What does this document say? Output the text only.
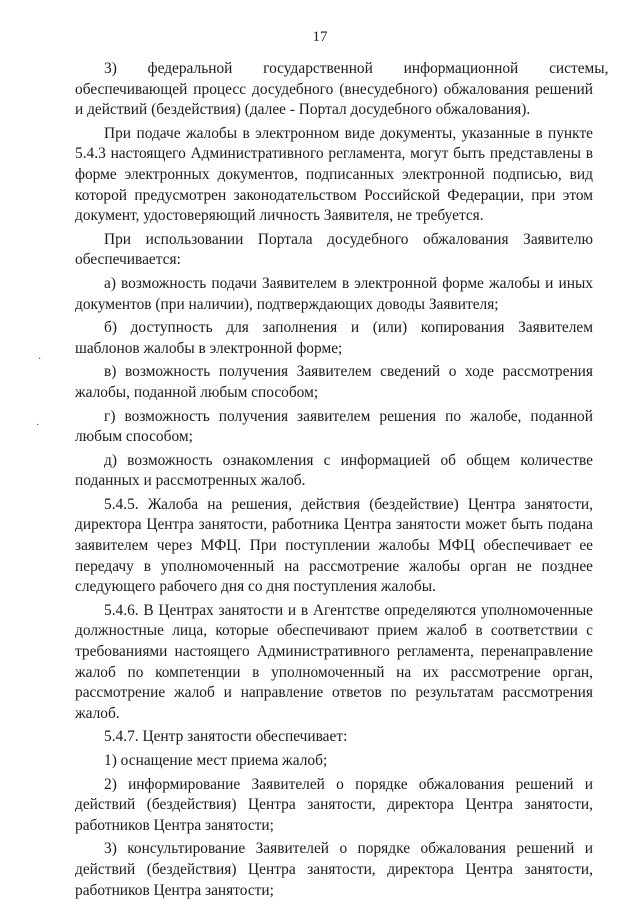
17

3)        федеральной        государственной        информационной        системы, обеспечивающей процесс досудебного (внесудебного) обжалования решений и действий (бездействия) (далее - Портал досудебного обжалования).

При подаче жалобы в электронном виде документы, указанные в пункте 5.4.3 настоящего Административного регламента, могут быть представлены в форме электронных документов, подписанных электронной подписью, вид которой предусмотрен законодательством Российской Федерации, при этом документ, удостоверяющий личность Заявителя, не требуется.

При использовании Портала досудебного обжалования Заявителю обеспечивается:

а) возможность подачи Заявителем в электронной форме жалобы и иных документов (при наличии), подтверждающих доводы Заявителя;

б) доступность для заполнения и (или) копирования Заявителем шаблонов жалобы в электронной форме;

в) возможность получения Заявителем сведений о ходе рассмотрения жалобы, поданной любым способом;

г) возможность получения заявителем решения по жалобе, поданной любым способом;

д) возможность ознакомления с информацией об общем количестве поданных и рассмотренных жалоб.

5.4.5. Жалоба на решения, действия (бездействие) Центра занятости, директора Центра занятости, работника Центра занятости может быть подана заявителем через МФЦ. При поступлении жалобы МФЦ обеспечивает ее передачу в уполномоченный на рассмотрение жалобы орган не позднее следующего рабочего дня со дня поступления жалобы.

5.4.6. В Центрах занятости и в Агентстве определяются уполномоченные должностные лица, которые обеспечивают прием жалоб в соответствии с требованиями настоящего Административного регламента, перенаправление жалоб по компетенции в уполномоченный на их рассмотрение орган, рассмотрение жалоб и направление ответов по результатам рассмотрения жалоб.

5.4.7. Центр занятости обеспечивает:

1) оснащение мест приема жалоб;

2) информирование Заявителей о порядке обжалования решений и действий (бездействия) Центра занятости, директора Центра занятости, работников Центра занятости;

3) консультирование Заявителей о порядке обжалования решений и действий (бездействия) Центра занятости, директора Центра занятости, работников Центра занятости;

·
·
